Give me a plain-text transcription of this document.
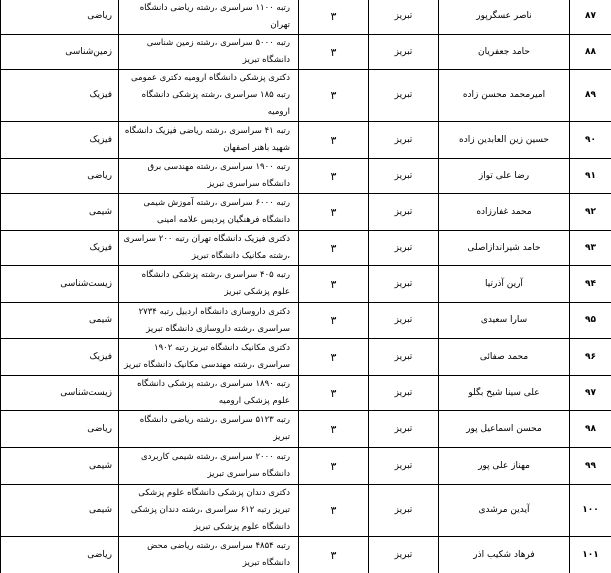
۸۷	ناصر عسگرپور	تبریز	۳	رتبه ۱۱۰۰ سراسری ،رشته ریاضی دانشگاه تهران	ریاضی
۸۸	حامد جعفریان	تبریز	۳	رتبه ۵۰۰۰ سراسری ،رشته زمین شناسی دانشگاه تبریز	زمین‌شناسی
۸۹	امیرمحمد محسن زاده	تبریز	۳	دکتری پزشکی دانشگاه ارومیه دکتری عمومی رتبه ۱۸۵ سراسری ،رشته پزشکی دانشگاه ارومیه	فیزیک
۹۰	حسین زین العابدین زاده	تبریز	۳	رتبه ۴۱ سراسری ،رشته ریاضی فیزیک دانشگاه شهید باهنر اصفهان	فیزیک
۹۱	رضا علی تواز	تبریز	۳	رتبه ۱۹۰۰ سراسری ،رشته مهندسی برق دانشگاه سراسری تبریز	ریاضی
۹۲	محمد غفارزاده	تبریز	۳	رتبه ۶۰۰۰ سراسری ،رشته آموزش شیمی دانشگاه فرهنگیان پردیس علامه امینی	شیمی
۹۳	حامد شیراندازاصلی	تبریز	۳	دکتری فیزیک دانشگاه تهران رتبه ۲۰۰ سراسری ،رشته مکانیک دانشگاه تبریز	فیزیک
۹۴	آرین آذرتیا	تبریز	۳	رتبه ۴۰۵ سراسری ،رشته پزشکی دانشگاه علوم پزشکی تبریز	زیست‌شناسی
۹۵	سارا سعیدی	تبریز	۳	دکتری داروسازی دانشگاه اردبیل رتبه ۲۷۳۴ سراسری ،رشته داروسازی دانشگاه تبریز	شیمی
۹۶	محمد صفائی	تبریز	۳	دکتری مکانیک دانشگاه تبریز رتبه ۱۹۰۲ سراسری ،رشته مهندسی مکانیک دانشگاه تبریز	فیزیک
۹۷	علی سینا شیخ بگلو	تبریز	۳	رتبه ۱۸۹۰ سراسری ،رشته پزشکی دانشگاه علوم پزشکی ارومیه	زیست‌شناسی
۹۸	محسن اسماعیل پور	تبریز	۳	رتبه ۵۱۲۳ سراسری ،رشته ریاضی دانشگاه تبریز	ریاضی
۹۹	مهناز علی پور	تبریز	۳	رتبه ۲۰۰۰ سراسری ،رشته شیمی کاربردی دانشگاه سراسری تبریز	شیمی
۱۰۰	آیدین مرشدی	تبریز	۳	دکتری دندان پزشکی دانشگاه علوم پزشکی تبریز رتبه ۶۱۲ سراسری ،رشته دندان پزشکی دانشگاه علوم پزشکی تبریز	شیمی
۱۰۱	فرهاد شکیب اذر	تبریز	۳	رتبه ۴۸۵۴ سراسری ،رشته ریاضی محض دانشگاه تبریز	ریاضی
